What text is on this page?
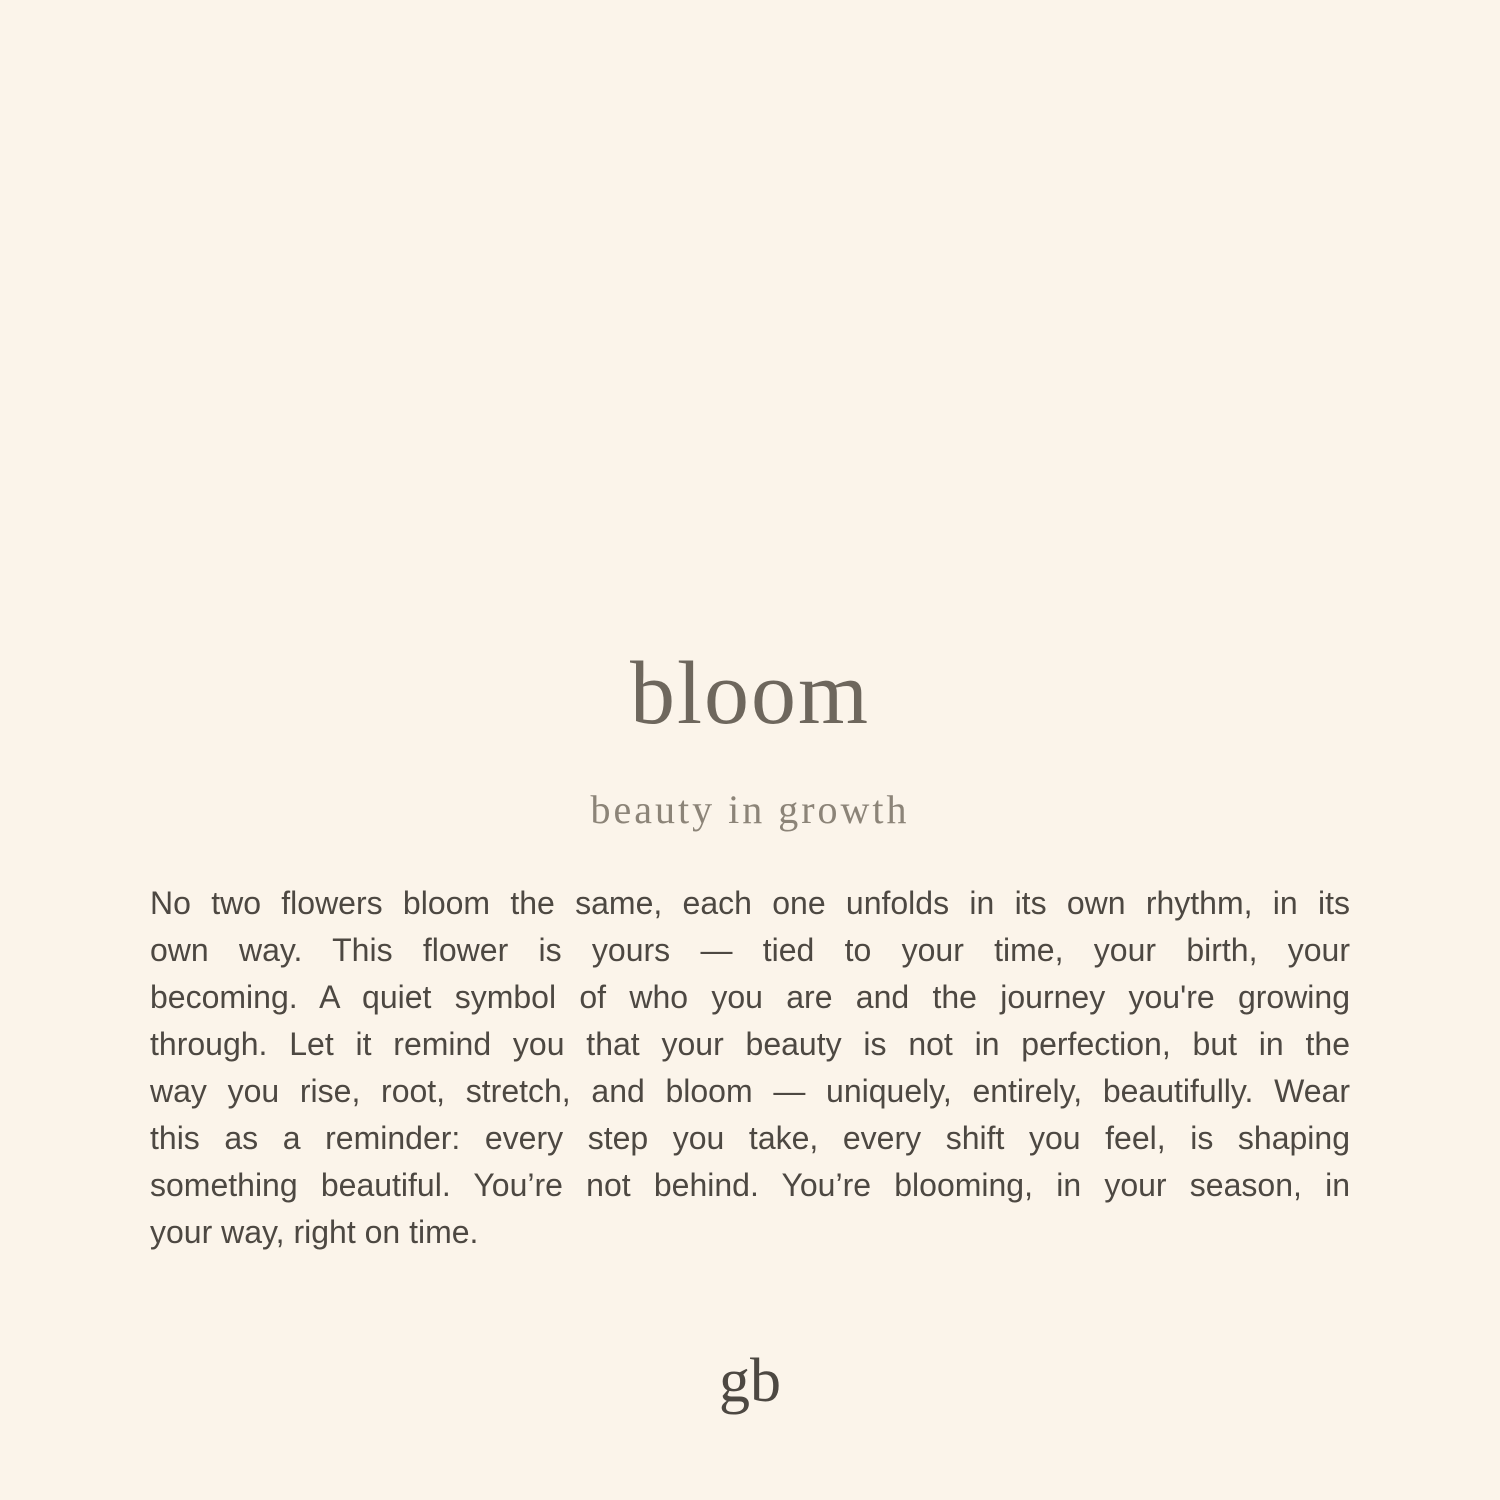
bloom

beauty in growth

No two flowers bloom the same, each one unfolds in its own rhythm, in its
own way. This flower is yours — tied to your time, your birth, your
becoming. A quiet symbol of who you are and the journey you're growing
through. Let it remind you that your beauty is not in perfection, but in the
way you rise, root, stretch, and bloom — uniquely, entirely, beautifully. Wear
this as a reminder: every step you take, every shift you feel, is shaping
something beautiful. You’re not behind. You’re blooming, in your season, in
your way, right on time.

gb
